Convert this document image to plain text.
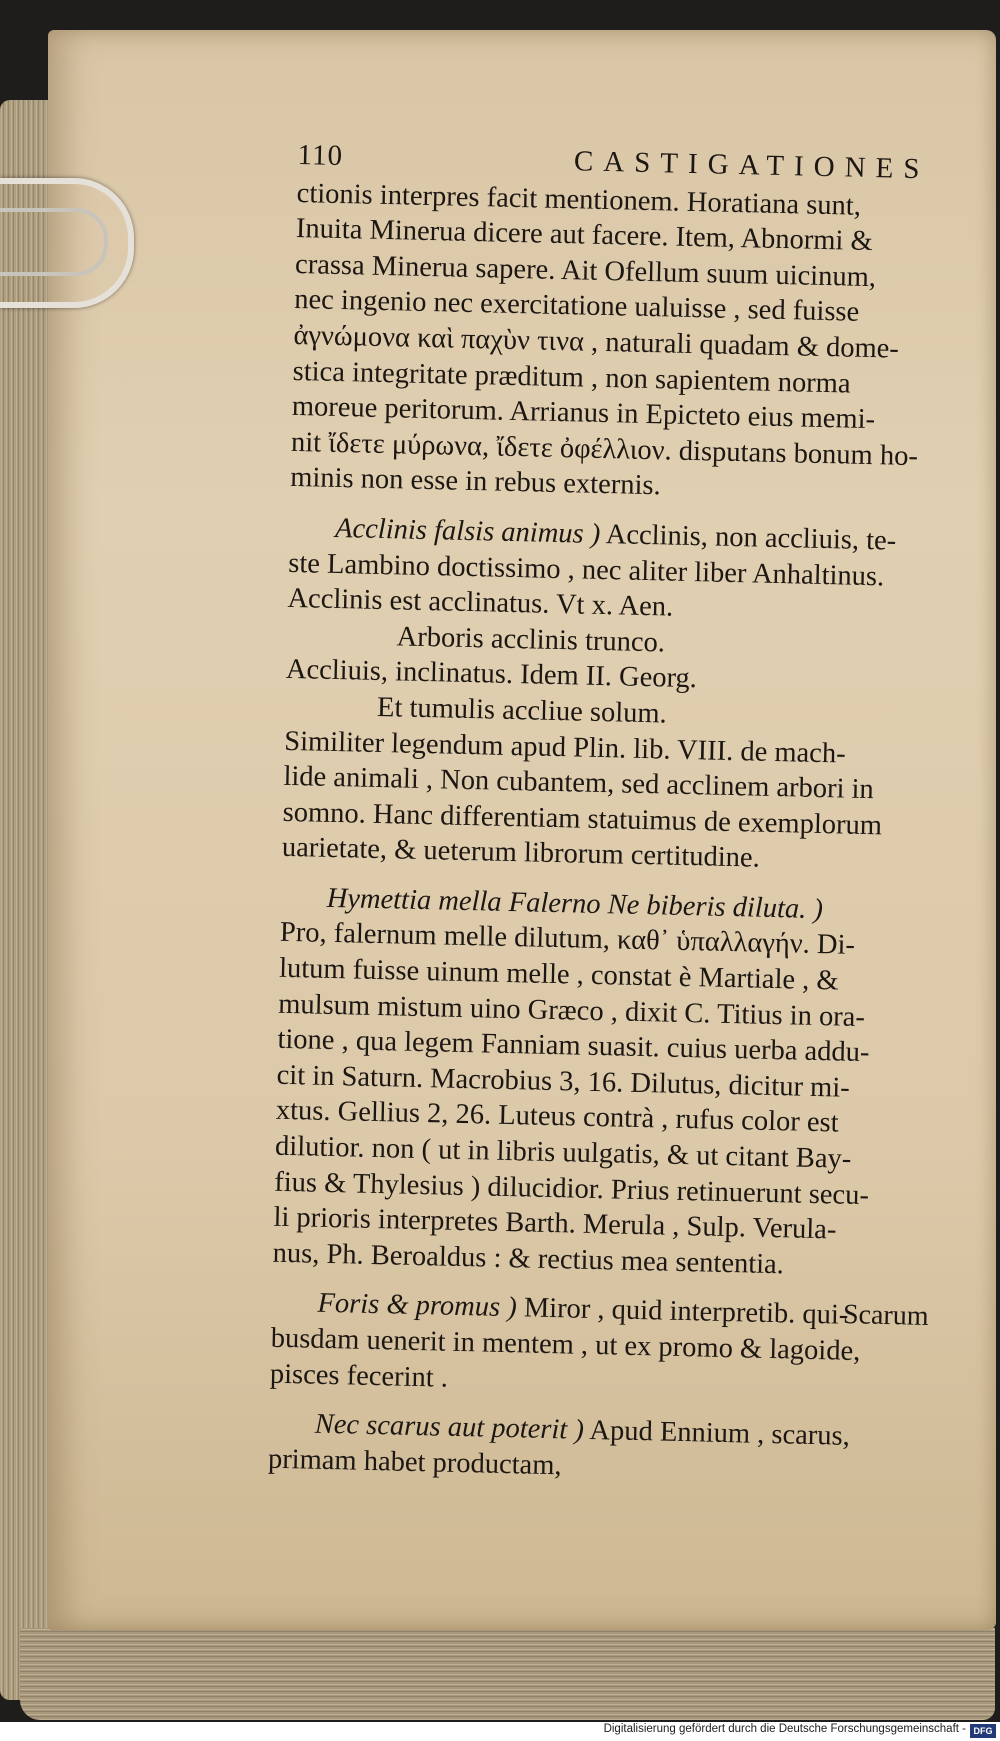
110	CASTIGATIONES
ctionis interpres facit mentionem. Horatiana sunt,
Inuita Minerua dicere aut facere. Item, Abnormi &
crassa Minerua sapere. Ait Ofellum suum uicinum,
nec ingenio nec exercitatione ualuisse , sed fuisse
ἀγνώμονα καὶ παχὺν τινα , naturali quadam & dome-
stica integritate præditum , non sapientem norma
moreue peritorum. Arrianus in Epicteto eius memi-
nit ἴδετε μύρωνα, ἴδετε ὀφέλλιον. disputans bonum ho-
minis non esse in rebus externis.
Acclinis falsis animus ) Acclinis, non accliuis, te-
ste Lambino doctissimo , nec aliter liber Anhaltinus.
Acclinis est acclinatus. Vt x. Aen.
Arboris acclinis trunco.
Accliuis, inclinatus. Idem II. Georg.
Et tumulis accliue solum.
Similiter legendum apud Plin. lib. VIII. de mach-
lide animali , Non cubantem, sed acclinem arbori in
somno. Hanc differentiam statuimus de exemplorum
uarietate, & ueterum librorum certitudine.
Hymettia mella Falerno Ne biberis diluta. )
Pro, falernum melle dilutum, καθ᾽ ὑπαλλαγήν. Di-
lutum fuisse uinum melle , constat è Martiale , &
mulsum mistum uino Græco , dixit C. Titius in ora-
tione , qua legem Fanniam suasit. cuius uerba addu-
cit in Saturn. Macrobius 3, 16. Dilutus, dicitur mi-
xtus. Gellius 2, 26. Luteus contrà , rufus color est
dilutior. non ( ut in libris uulgatis, & ut citant Bay-
fius & Thylesius ) dilucidior. Prius retinuerunt secu-
li prioris interpretes Barth. Merula , Sulp. Verula-
nus, Ph. Beroaldus : & rectius mea sententia.
Foris & promus ) Miror , quid interpretib. qui-
busdam uenerit in mentem , ut ex promo & lagoide,
pisces fecerint .
Nec scarus aut poterit ) Apud Ennium , scarus,
primam habet productam,
Scarum
Digitalisierung gefördert durch die Deutsche Forschungsgemeinschaft - DFG
